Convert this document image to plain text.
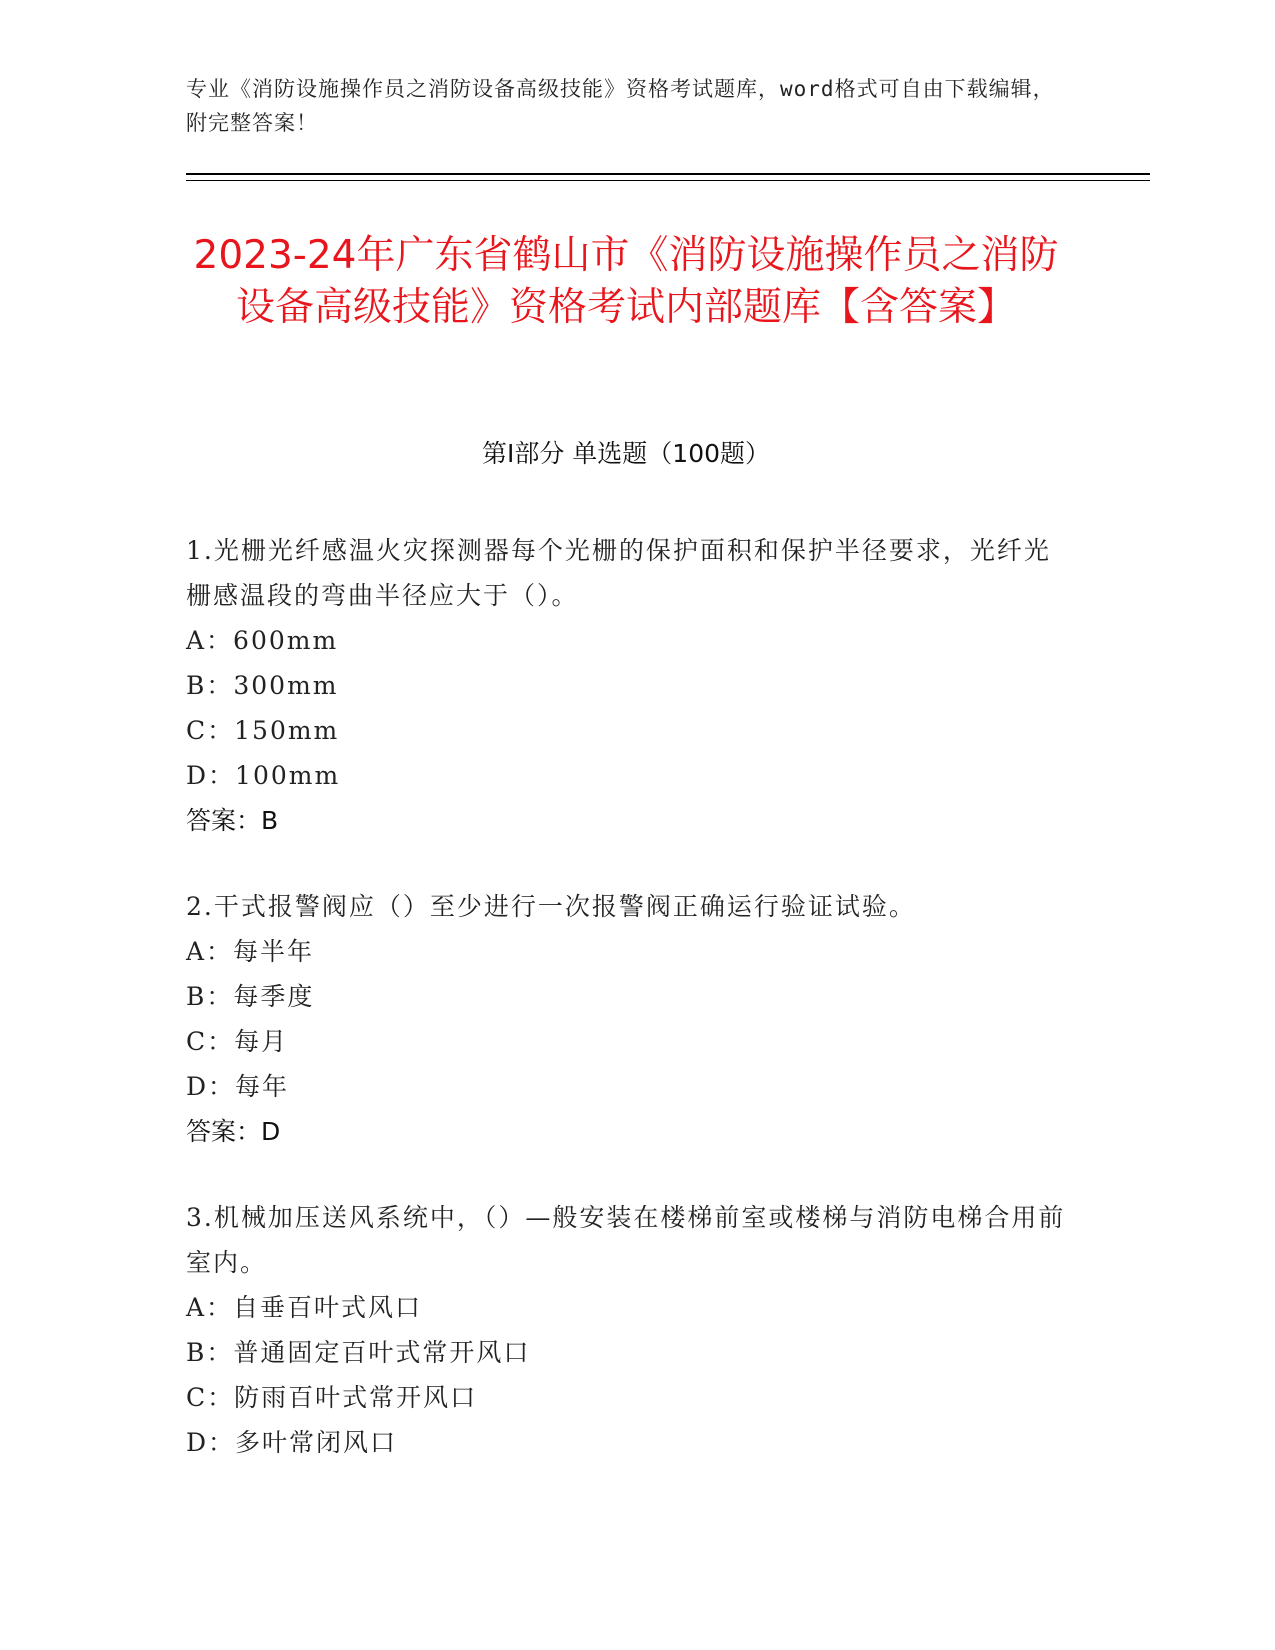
专业《消防设施操作员之消防设备高级技能》资格考试题库，word格式可自由下载编辑，附完整答案！
2023-24年广东省鹤山市《消防设施操作员之消防设备高级技能》资格考试内部题库【含答案】
第I部分 单选题（100题）
1.光栅光纤感温火灾探测器每个光栅的保护面积和保护半径要求，光纤光栅感温段的弯曲半径应大于（）。
A：600mm
B：300mm
C：150mm
D：100mm
答案：B
2.干式报警阀应（）至少进行一次报警阀正确运行验证试验。
A：每半年
B：每季度
C：每月
D：每年
答案：D
3.机械加压送风系统中，（）—般安装在楼梯前室或楼梯与消防电梯合用前室内。
A：自垂百叶式风口
B：普通固定百叶式常开风口
C：防雨百叶式常开风口
D：多叶常闭风口
